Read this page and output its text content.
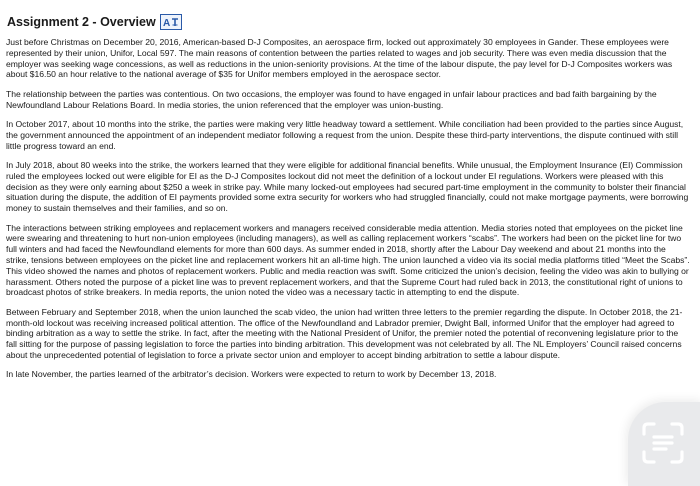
Assignment 2 - Overview A

Just before Christmas on December 20, 2016, American-based D-J Composites, an aerospace firm, locked out approximately 30 employees in Gander. These employees were represented by their union, Unifor, Local 597. The main reasons of contention between the parties related to wages and job security. There was even media discussion that the employer was seeking wage concessions, as well as reductions in the union-seniority provisions. At the time of the labour dispute, the pay level for D-J Composites workers was about $16.50 an hour relative to the national average of $35 for Unifor members employed in the aerospace sector.

The relationship between the parties was contentious. On two occasions, the employer was found to have engaged in unfair labour practices and bad faith bargaining by the Newfoundland Labour Relations Board. In media stories, the union referenced that the employer was union-busting.

In October 2017, about 10 months into the strike, the parties were making very little headway toward a settlement. While conciliation had been provided to the parties since August, the government announced the appointment of an independent mediator following a request from the union. Despite these third-party interventions, the dispute continued with still little progress toward an end.

In July 2018, about 80 weeks into the strike, the workers learned that they were eligible for additional financial benefits. While unusual, the Employment Insurance (EI) Commission ruled the employees locked out were eligible for EI as the D-J Composites lockout did not meet the definition of a lockout under EI regulations. Workers were pleased with this decision as they were only earning about $250 a week in strike pay. While many locked-out employees had secured part-time employment in the community to bolster their financial situation during the dispute, the addition of EI payments provided some extra security for workers who had struggled financially, could not make mortgage payments, were borrowing money to sustain themselves and their families, and so on.

The interactions between striking employees and replacement workers and managers received considerable media attention. Media stories noted that employees on the picket line were swearing and threatening to hurt non-union employees (including managers), as well as calling replacement workers “scabs”. The workers had been on the picket line for two full winters and had faced the Newfoundland elements for more than 600 days. As summer ended in 2018, shortly after the Labour Day weekend and about 21 months into the strike, tensions between employees on the picket line and replacement workers hit an all-time high. The union launched a video via its social media platforms titled “Meet the Scabs”. This video showed the names and photos of replacement workers. Public and media reaction was swift. Some criticized the union’s decision, feeling the video was akin to bullying or harassment. Others noted the purpose of a picket line was to prevent replacement workers, and that the Supreme Court had ruled back in 2013, the constitutional right of unions to broadcast photos of strike breakers. In media reports, the union noted the video was a necessary tactic in attempting to end the dispute.

Between February and September 2018, when the union launched the scab video, the union had written three letters to the premier regarding the dispute. In October 2018, the 21-month-old lockout was receiving increased political attention. The office of the Newfoundland and Labrador premier, Dwight Ball, informed Unifor that the employer had agreed to binding arbitration as a way to settle the strike. In fact, after the meeting with the National President of Unifor, the premier noted the potential of reconvening legislature prior to the fall sitting for the purpose of passing legislation to force the parties into binding arbitration. This development was not celebrated by all. The NL Employers’ Council raised concerns about the unprecedented potential of legislation to force a private sector union and employer to accept binding arbitration to settle a labour dispute.

In late November, the parties learned of the arbitrator’s decision. Workers were expected to return to work by December 13, 2018.
